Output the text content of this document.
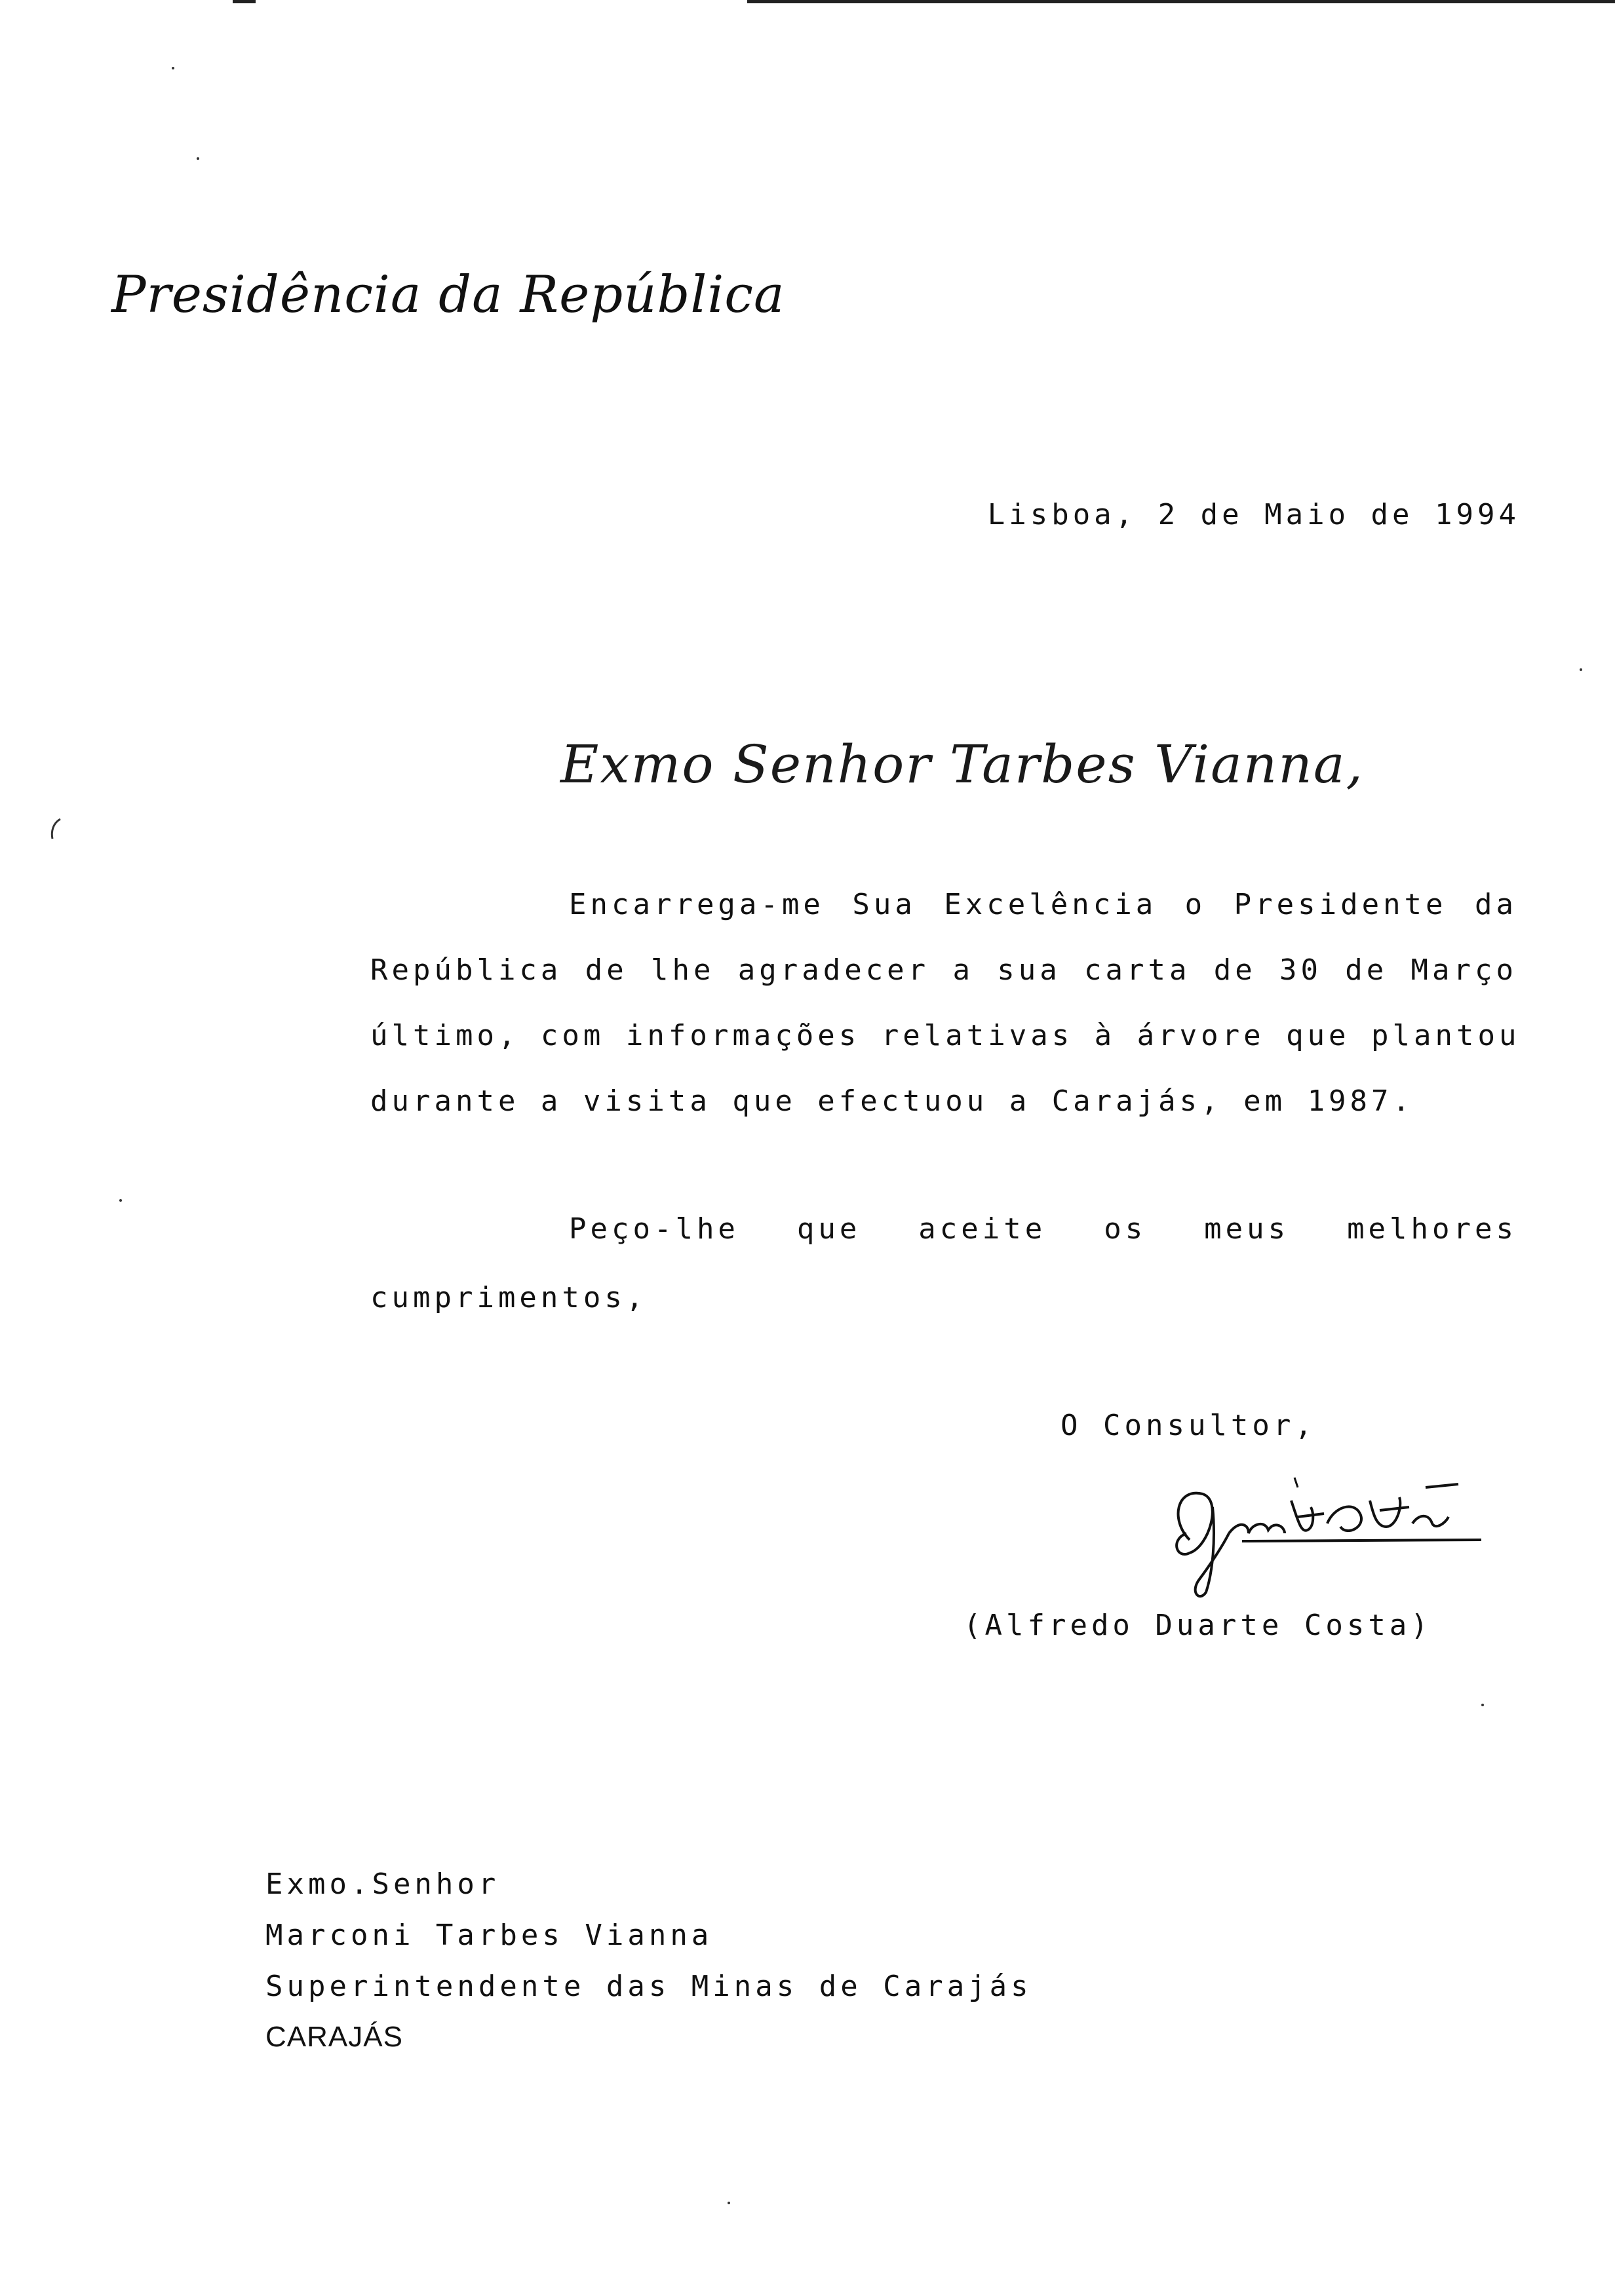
Presidência da República
Lisboa, 2 de Maio de 1994
Exmo Senhor Tarbes Vianna,
Encarrega-me Sua Excelência o Presidente da
República de lhe agradecer a sua carta de 30 de Março
último, com informações relativas à árvore que plantou
durante a visita que efectuou a Carajás, em 1987.
Peço-lhe que aceite os meus melhores
cumprimentos,
O Consultor,
(Alfredo Duarte Costa)
Exmo.Senhor
Marconi Tarbes Vianna
Superintendente das Minas de Carajás
CARAJÁS
